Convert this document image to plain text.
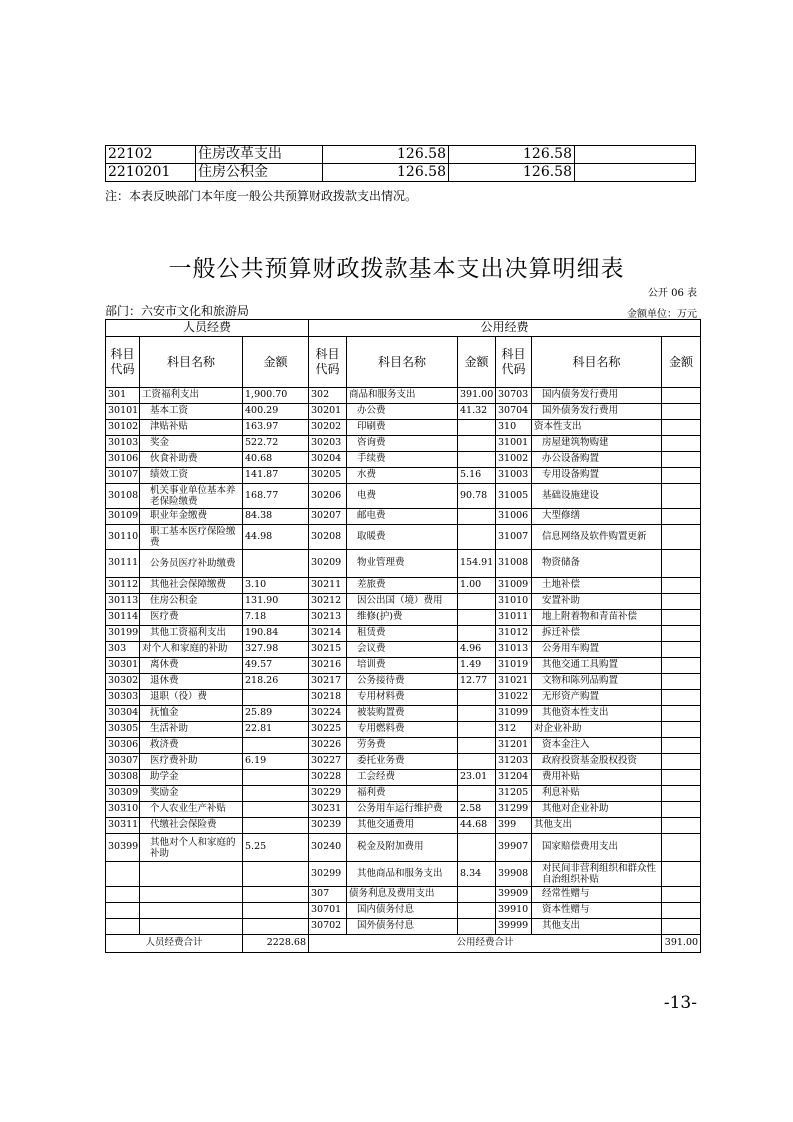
22102	住房改革支出	126.58	126.58	
2210201	住房公积金	126.58	126.58	
注：本表反映部门本年度一般公共预算财政拨款支出情况。
一般公共预算财政拨款基本支出决算明细表
公开 06 表
部门：六安市文化和旅游局	金额单位：万元
人员经费			公用经费					
科目代码	科目名称	金额	科目代码	科目名称	金额	科目代码	科目名称	金额
301	工资福利支出	1,900.70	302	商品和服务支出	391.00	30703	国内债务发行费用	
30101	基本工资	400.29	30201	办公费	41.32	30704	国外债务发行费用	
30102	津贴补贴	163.97	30202	印刷费		310	资本性支出	
30103	奖金	522.72	30203	咨询费		31001	房屋建筑物购建	
30106	伙食补助费	40.68	30204	手续费		31002	办公设备购置	
30107	绩效工资	141.87	30205	水费	5.16	31003	专用设备购置	
30108	机关事业单位基本养老保险缴费	168.77	30206	电费	90.78	31005	基础设施建设	
30109	职业年金缴费	84.38	30207	邮电费		31006	大型修缮	
30110	职工基本医疗保险缴费	44.98	30208	取暖费		31007	信息网络及软件购置更新	
30111	公务员医疗补助缴费		30209	物业管理费	154.91	31008	物资储备	
30112	其他社会保障缴费	3.10	30211	差旅费	1.00	31009	土地补偿	
30113	住房公积金	131.90	30212	因公出国（境）费用		31010	安置补助	
30114	医疗费	7.18	30213	维修(护)费		31011	地上附着物和青苗补偿	
30199	其他工资福利支出	190.84	30214	租赁费		31012	拆迁补偿	
303	对个人和家庭的补助	327.98	30215	会议费	4.96	31013	公务用车购置	
30301	离休费	49.57	30216	培训费	1.49	31019	其他交通工具购置	
30302	退休费	218.26	30217	公务接待费	12.77	31021	文物和陈列品购置	
30303	退职（役）费		30218	专用材料费		31022	无形资产购置	
30304	抚恤金	25.89	30224	被装购置费		31099	其他资本性支出	
30305	生活补助	22.81	30225	专用燃料费		312	对企业补助	
30306	救济费		30226	劳务费		31201	资本金注入	
30307	医疗费补助	6.19	30227	委托业务费		31203	政府投资基金股权投资	
30308	助学金		30228	工会经费	23.01	31204	费用补贴	
30309	奖励金		30229	福利费		31205	利息补贴	
30310	个人农业生产补贴		30231	公务用车运行维护费	2.58	31299	其他对企业补助	
30311	代缴社会保险费		30239	其他交通费用	44.68	399	其他支出	
30399	其他对个人和家庭的补助	5.25	30240	税金及附加费用		39907	国家赔偿费用支出	
			30299	其他商品和服务支出	8.34	39908	对民间非营利组织和群众性自治组织补贴	
			307	债务利息及费用支出		39909	经常性赠与	
			30701	国内债务付息		39910	资本性赠与	
			30702	国外债务付息		39999	其他支出	
人员经费合计		2228.68	公用经费合计					391.00
-13-
